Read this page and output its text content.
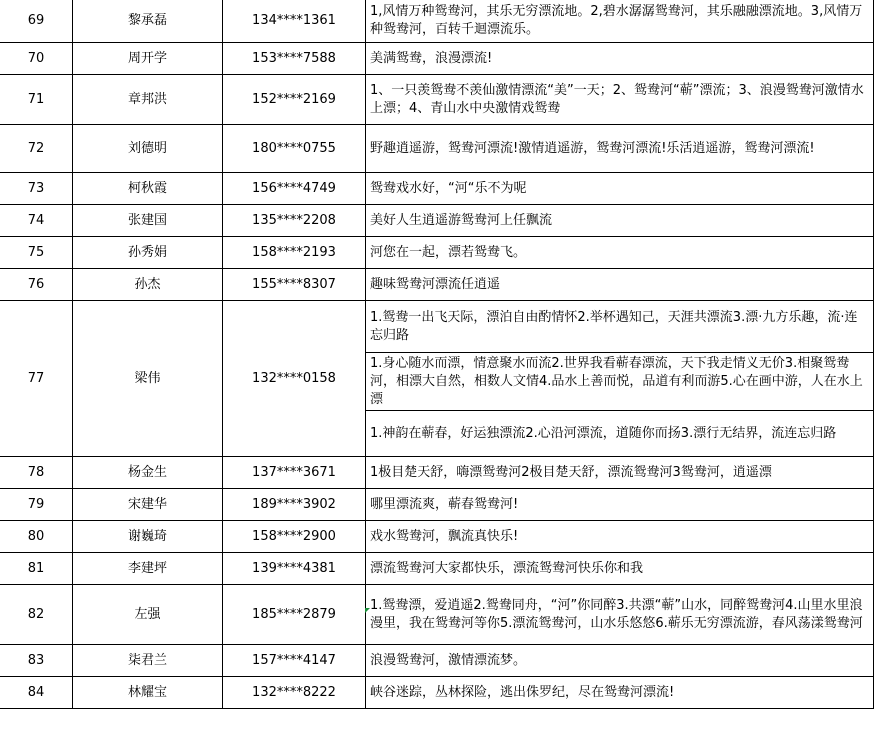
69	黎承磊	134****1361	1,风情万种鸳鸯河，其乐无穷漂流地。2,碧水潺潺鸳鸯河，其乐融融漂流地。3,风情万种鸳鸯河，百转千迴漂流乐。
70	周开学	153****7588	美满鸳鸯，浪漫漂流!
71	章邦洪	152****2169	1、一只羡鸳鸯不羡仙激情漂流“美”一天；2、鸳鸯河“蕲”漂流；3、浪漫鸳鸯河激情水上漂；4、青山水中央激情戏鸳鸯
72	刘德明	180****0755	野趣逍遥游，鸳鸯河漂流!激情逍遥游，鸳鸯河漂流!乐活逍遥游，鸳鸯河漂流!
73	柯秋霞	156****4749	鸳鸯戏水好，“河“乐不为呢
74	张建国	135****2208	美好人生逍遥游鸳鸯河上任飘流
75	孙秀娟	158****2193	河您在一起，漂若鸳鸯飞。
76	孙杰	155****8307	趣味鸳鸯河漂流任逍遥
77	梁伟	132****0158	1.鸳鸯一出飞天际，漂泊自由酌情怀2.举杯遇知己，天涯共漂流3.漂·九方乐趣，流·连忘归路
			1.身心随水而漂，情意聚水而流2.世界我看蕲春漂流，天下我走情义无价3.相聚鸳鸯河，相漂大自然，相数人文情4.品水上善而悦，品道有利而游5.心在画中游，人在水上漂
			1.神韵在蕲春，好运独漂流2.心沿河漂流，道随你而扬3.漂行无结界，流连忘归路
78	杨金生	137****3671	1极目楚天舒，嗨漂鸳鸯河2极目楚天舒，漂流鸳鸯河3鸳鸯河，逍遥漂
79	宋建华	189****3902	哪里漂流爽，蕲春鸳鸯河!
80	谢巍琦	158****2900	戏水鸳鸯河，飘流真快乐!
81	李建坪	139****4381	漂流鸳鸯河大家都快乐，漂流鸳鸯河快乐你和我
82	左强	185****2879	1.鸳鸯漂，爱逍遥2.鸳鸯同舟，“河”你同醉3.共漂“蕲”山水，同醉鸳鸯河4.山里水里浪漫里，我在鸳鸯河等你5.漂流鸳鸯河，山水乐悠悠6.蕲乐无穷漂流游，春风荡漾鸳鸯河
83	柒君兰	157****4147	浪漫鸳鸯河，激情漂流梦。
84	林耀宝	132****8222	峡谷迷踪，丛林探险，逃出侏罗纪，尽在鸳鸯河漂流!
